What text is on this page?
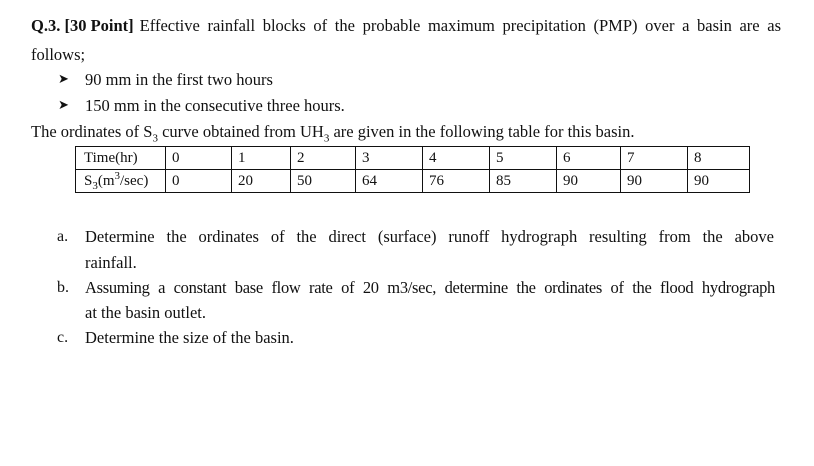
Q.3. [30 Point] Effective rainfall blocks of the probable maximum precipitation (PMP) over a basin are as
follows;
➤ 90 mm in the first two hours
➤ 150 mm in the consecutive three hours.
The ordinates of $S_3$ curve obtained from $UH_3$ are given in the following table for this basin.
Time(hr)	0	1	2	3	4	5	6	7	8
$S_3(m^3/\sec)$	0	20	50	64	76	85	90	90	90
a. Determine the ordinates of the direct (surface) runoff hydrograph resulting from the above
rainfall.
b. Assuming a constant base flow rate of 20 m3/sec, determine the ordinates of the flood hydrograph
at the basin outlet.
c. Determine the size of the basin.
